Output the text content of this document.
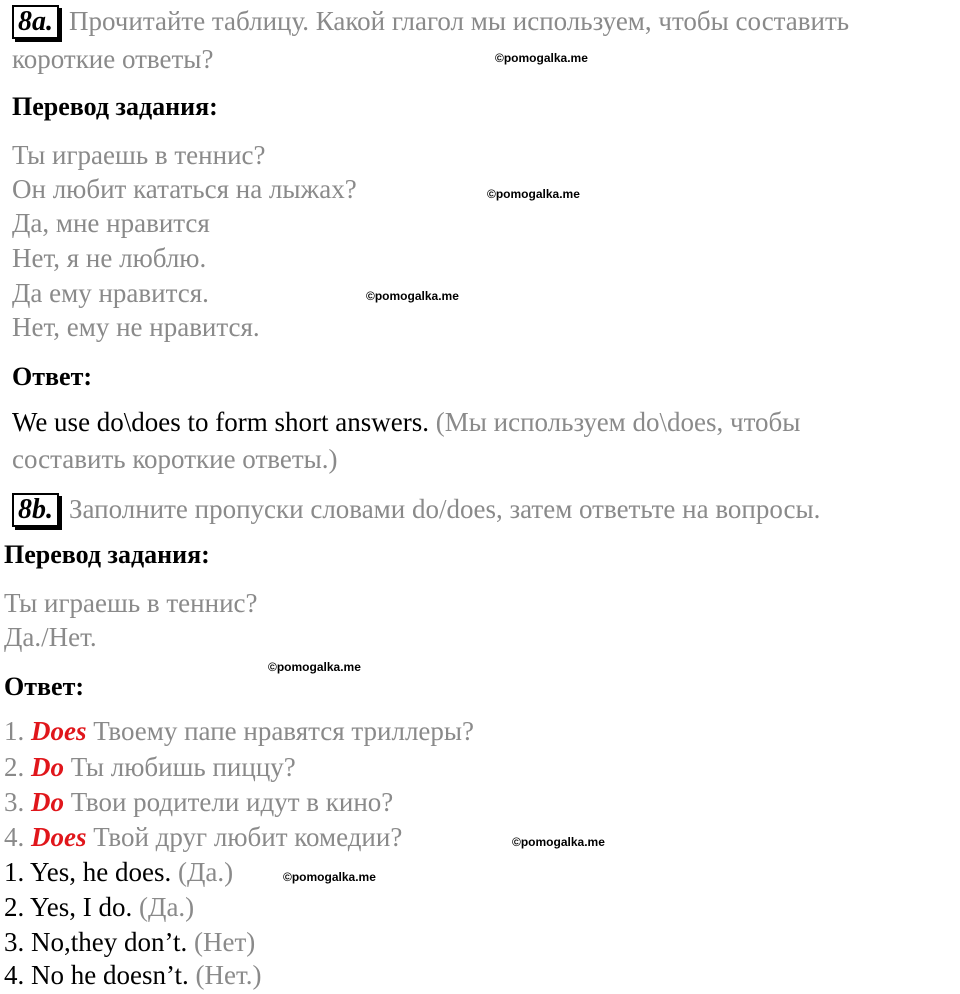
8a. Прочитайте таблицу. Какой глагол мы используем, чтобы составить
короткие ответы?	©pomogalka.me
Перевод задания:
Ты играешь в теннис?
Он любит кататься на лыжах?	©pomogalka.me
Да, мне нравится
Нет, я не люблю.
Да ему нравится.	©pomogalka.me
Нет, ему не нравится.
Ответ:
We use do\does to form short answers. (Мы используем do\does, чтобы
составить короткие ответы.)
8b. Заполните пропуски словами do/does, затем ответьте на вопросы.
Перевод задания:
Ты играешь в теннис?
Да./Нет.
©pomogalka.me
Ответ:
1. Does Твоему папе нравятся триллеры?
2. Do Ты любишь пиццу?
3. Do Твои родители идут в кино?
4. Does Твой друг любит комедии?	©pomogalka.me
1. Yes, he does. (Да.)	©pomogalka.me
2. Yes, I do. (Да.)
3. No,they don’t. (Нет)
4. No he doesn’t. (Нет.)
